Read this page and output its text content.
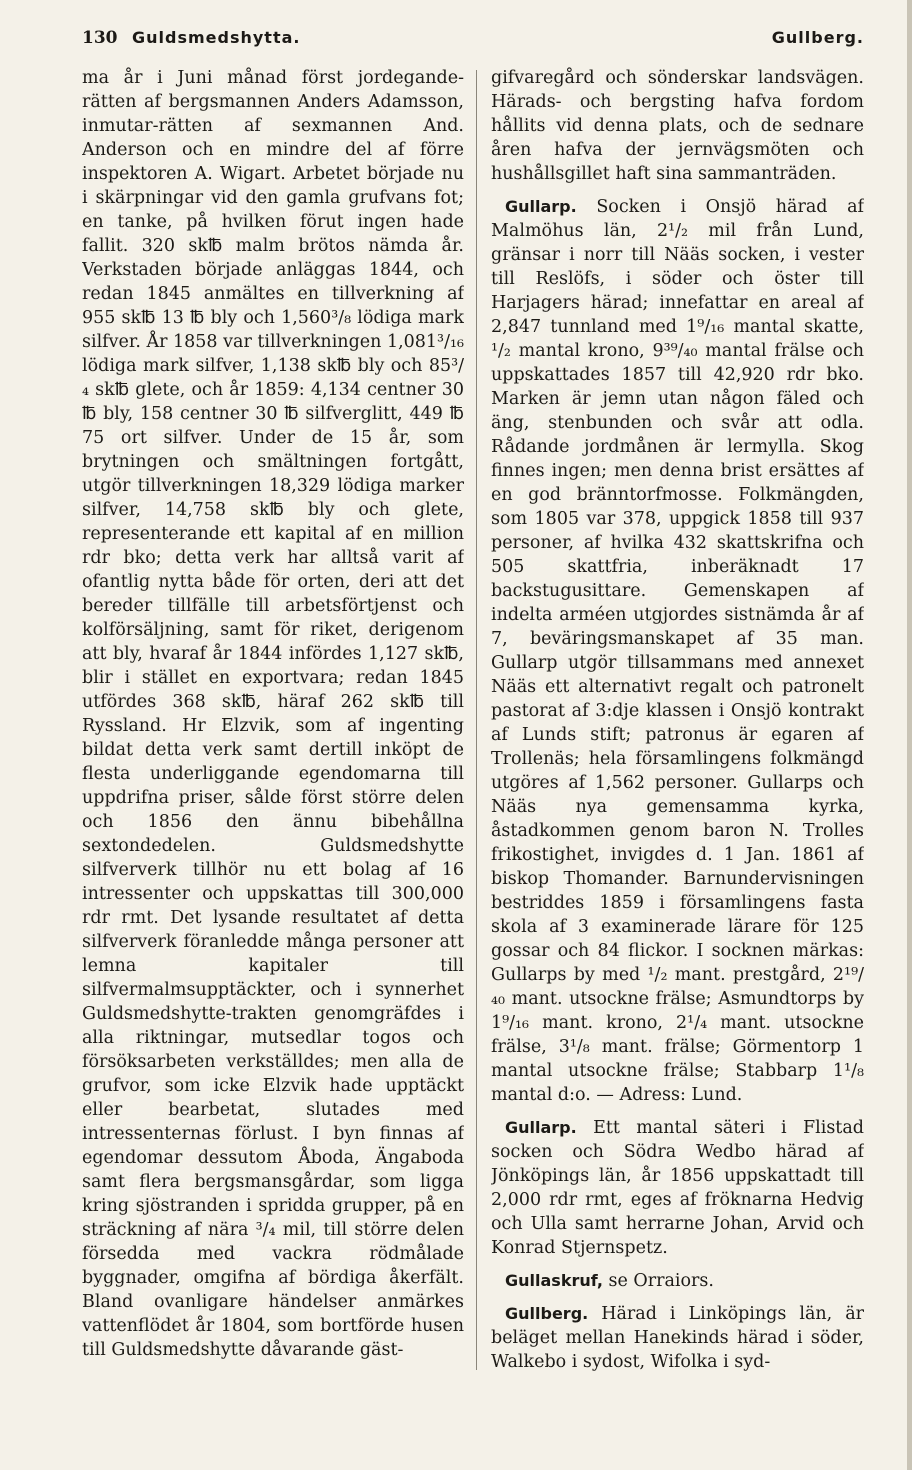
130 Guldsmedshytta.	Gullberg.

ma år i Juni månad först jordegande-rätten af bergsmannen Anders Adamsson, inmutar-rätten af sexmannen And. Anderson och en mindre del af förre inspektoren A. Wigart. Arbetet började nu i skärpningar vid den gamla grufvans fot; en tanke, på hvilken förut ingen hade fallit. 320 sk℔ malm brötos nämda år. Verkstaden började anläggas 1844, och redan 1845 anmältes en tillverkning af 955 sk℔ 13 ℔ bly och 1,560³/₈ lödiga mark silfver. År 1858 var tillverkningen 1,081³/₁₆ lödiga mark silfver, 1,138 sk℔ bly och 85³/₄ sk℔ glete, och år 1859: 4,134 centner 30 ℔ bly, 158 centner 30 ℔ silfverglitt, 449 ℔ 75 ort silfver. Under de 15 år, som brytningen och smältningen fortgått, utgör tillverkningen 18,329 lödiga marker silfver, 14,758 sk℔ bly och glete, representerande ett kapital af en million rdr bko; detta verk har alltså varit af ofantlig nytta både för orten, deri att det bereder tillfälle till arbetsförtjenst och kolförsäljning, samt för riket, derigenom att bly, hvaraf år 1844 infördes 1,127 sk℔, blir i stället en exportvara; redan 1845 utfördes 368 sk℔, häraf 262 sk℔ till Ryssland. Hr Elzvik, som af ingenting bildat detta verk samt dertill inköpt de flesta underliggande egendomarna till uppdrifna priser, sålde först större delen och 1856 den ännu bibehållna sextondedelen. Guldsmedshytte silfververk tillhör nu ett bolag af 16 intressenter och uppskattas till 300,000 rdr rmt. Det lysande resultatet af detta silfververk föranledde många personer att lemna kapitaler till silfvermalmsupptäckter, och i synnerhet Guldsmedshytte-trakten genomgräfdes i alla riktningar, mutsedlar togos och försöksarbeten verkställdes; men alla de grufvor, som icke Elzvik hade upptäckt eller bearbetat, slutades med intressenternas förlust. I byn finnas af egendomar dessutom Åboda, Ängaboda samt flera bergsmansgårdar, som ligga kring sjöstranden i spridda grupper, på en sträckning af nära ³/₄ mil, till större delen försedda med vackra rödmålade byggnader, omgifna af bördiga åkerfält. Bland ovanligare händelser anmärkes vattenflödet år 1804, som bortförde husen till Guldsmedshytte dåvarande gäst-

gifvaregård och sönderskar landsvägen. Härads- och bergsting hafva fordom hållits vid denna plats, och de sednare åren hafva der jernvägsmöten och hushållsgillet haft sina sammanträden.

Gullarp. Socken i Onsjö härad af Malmöhus län, 2¹/₂ mil från Lund, gränsar i norr till Nääs socken, i vester till Reslöfs, i söder och öster till Harjagers härad; innefattar en areal af 2,847 tunnland med 1⁹/₁₆ mantal skatte, ¹/₂ mantal krono, 9³⁹/₄₀ mantal frälse och uppskattades 1857 till 42,920 rdr bko. Marken är jemn utan någon fäled och äng, stenbunden och svår att odla. Rådande jordmånen är lermylla. Skog finnes ingen; men denna brist ersättes af en god bränntorfmosse. Folkmängden, som 1805 var 378, uppgick 1858 till 937 personer, af hvilka 432 skattskrifna och 505 skattfria, inberäknadt 17 backstugusittare. Gemenskapen af indelta arméen utgjordes sistnämda år af 7, beväringsmanskapet af 35 man. Gullarp utgör tillsammans med annexet Nääs ett alternativt regalt och patronelt pastorat af 3:dje klassen i Onsjö kontrakt af Lunds stift; patronus är egaren af Trollenäs; hela församlingens folkmängd utgöres af 1,562 personer. Gullarps och Nääs nya gemensamma kyrka, åstadkommen genom baron N. Trolles frikostighet, invigdes d. 1 Jan. 1861 af biskop Thomander. Barnundervisningen bestriddes 1859 i församlingens fasta skola af 3 examinerade lärare för 125 gossar och 84 flickor. I socknen märkas: Gullarps by med ¹/₂ mant. prestgård, 2¹⁹/₄₀ mant. utsockne frälse; Asmundtorps by 1⁹/₁₆ mant. krono, 2¹/₄ mant. utsockne frälse, 3¹/₈ mant. frälse; Görmentorp 1 mantal utsockne frälse; Stabbarp 1¹/₈ mantal d:o. — Adress: Lund.

Gullarp. Ett mantal säteri i Flistad socken och Södra Wedbo härad af Jönköpings län, år 1856 uppskattadt till 2,000 rdr rmt, eges af fröknarna Hedvig och Ulla samt herrarne Johan, Arvid och Konrad Stjernspetz.

Gullaskruf, se Orraiors.

Gullberg. Härad i Linköpings län, är beläget mellan Hanekinds härad i söder, Walkebo i sydost, Wifolka i syd-
